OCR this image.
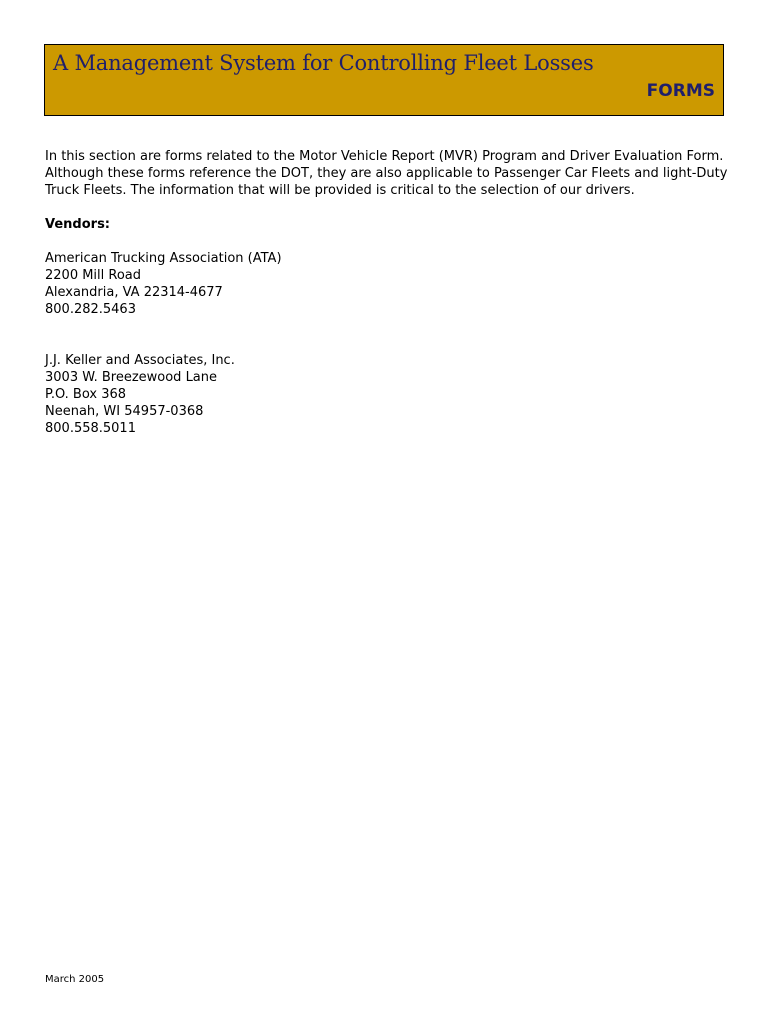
A Management System for Controlling Fleet Losses
FORMS

In this section are forms related to the Motor Vehicle Report (MVR) Program and Driver Evaluation Form.
Although these forms reference the DOT, they are also applicable to Passenger Car Fleets and light-Duty
Truck Fleets. The information that will be provided is critical to the selection of our drivers.

Vendors:

American Trucking Association (ATA)
2200 Mill Road
Alexandria, VA 22314-4677
800.282.5463
J.J. Keller and Associates, Inc.
3003 W. Breezewood Lane
P.O. Box 368
Neenah, WI 54957-0368
800.558.5011
March 2005
